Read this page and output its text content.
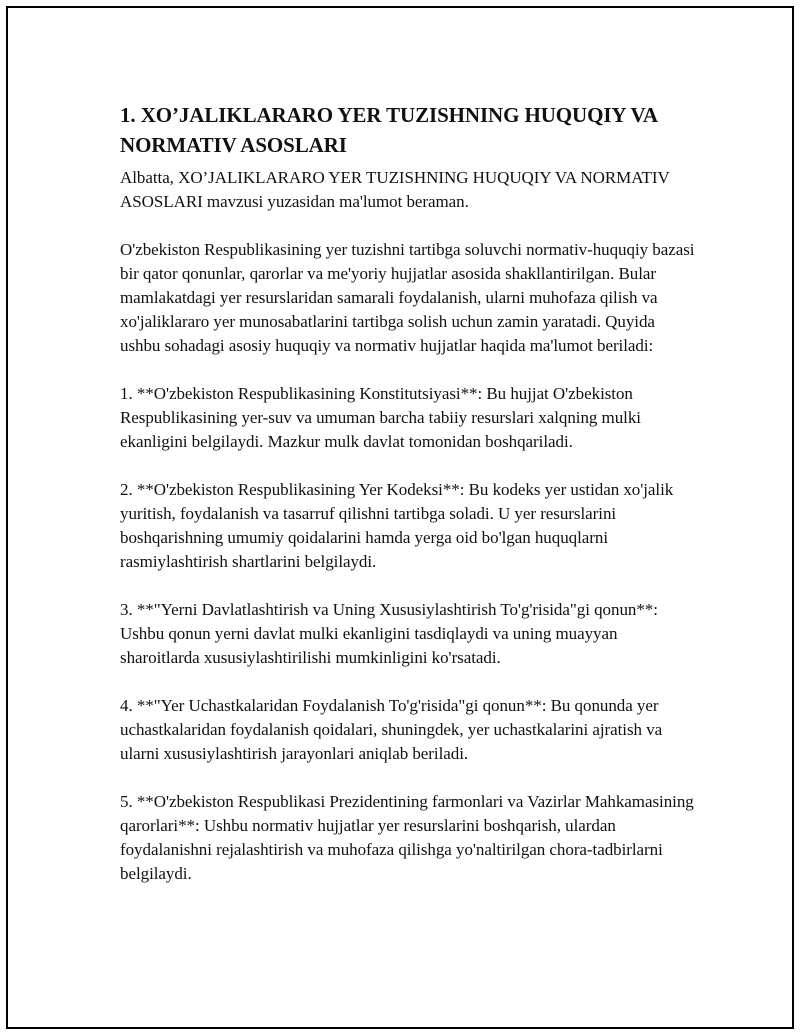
1. XO’JALIKLARARO YER TUZISHNING HUQUQIY VA NORMATIV ASOSLARI

Albatta, XO’JALIKLARARO YER TUZISHNING HUQUQIY VA NORMATIV ASOSLARI mavzusi yuzasidan ma'lumot beraman.

O'zbekiston Respublikasining yer tuzishni tartibga soluvchi normativ-huquqiy bazasi bir qator qonunlar, qarorlar va me'yoriy hujjatlar asosida shakllantirilgan. Bular mamlakatdagi yer resurslaridan samarali foydalanish, ularni muhofaza qilish va xo'jaliklararo yer munosabatlarini tartibga solish uchun zamin yaratadi. Quyida ushbu sohadagi asosiy huquqiy va normativ hujjatlar haqida ma'lumot beriladi:

1. **O'zbekiston Respublikasining Konstitutsiyasi**: Bu hujjat O'zbekiston Respublikasining yer-suv va umuman barcha tabiiy resurslari xalqning mulki ekanligini belgilaydi. Mazkur mulk davlat tomonidan boshqariladi.

2. **O'zbekiston Respublikasining Yer Kodeksi**: Bu kodeks yer ustidan xo'jalik yuritish, foydalanish va tasarruf qilishni tartibga soladi. U yer resurslarini boshqarishning umumiy qoidalarini hamda yerga oid bo'lgan huquqlarni rasmiylashtirish shartlarini belgilaydi.

3. **"Yerni Davlatlashtirish va Uning Xususiylashtirish To'g'risida"gi qonun**: Ushbu qonun yerni davlat mulki ekanligini tasdiqlaydi va uning muayyan sharoitlarda xususiylashtirilishi mumkinligini ko'rsatadi.

4. **"Yer Uchastkalaridan Foydalanish To'g'risida"gi qonun**: Bu qonunda yer uchastkalaridan foydalanish qoidalari, shuningdek, yer uchastkalarini ajratish va ularni xususiylashtirish jarayonlari aniqlab beriladi.

5. **O'zbekiston Respublikasi Prezidentining farmonlari va Vazirlar Mahkamasining qarorlari**: Ushbu normativ hujjatlar yer resurslarini boshqarish, ulardan foydalanishni rejalashtirish va muhofaza qilishga yo'naltirilgan chora-tadbirlarni belgilaydi.
